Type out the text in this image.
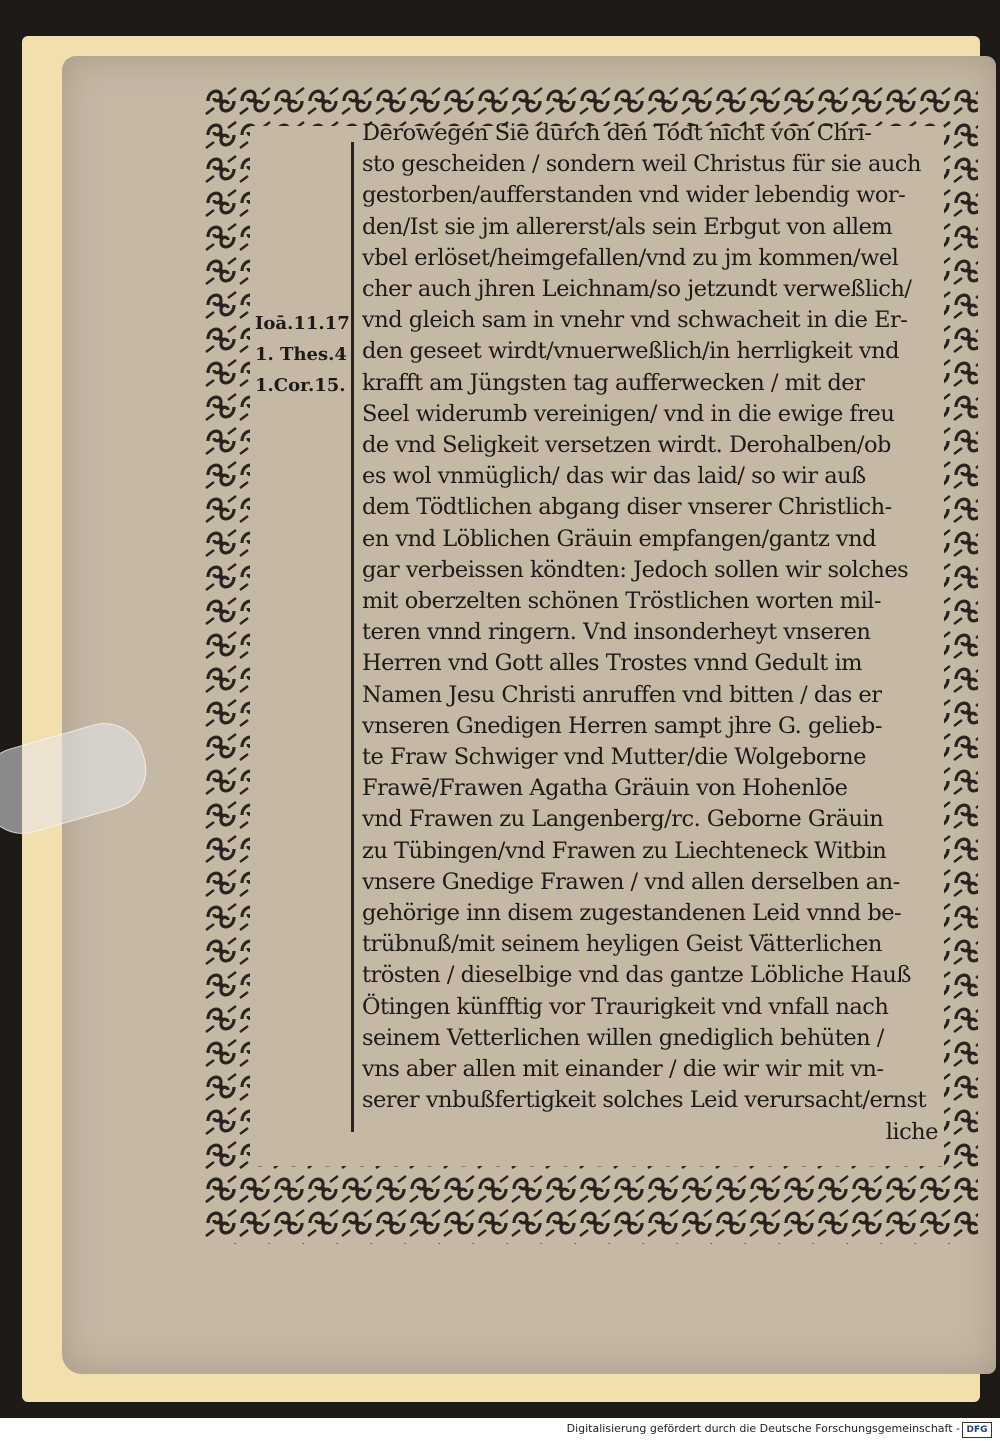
Ioā.11.17
1. Thes.4
1.Cor.15.
Derowegen Sie durch den Todt nicht von Chri-
sto gescheiden / sondern weil Christus für sie auch
gestorben/aufferstanden vnd wider lebendig wor-
den/Ist sie jm allererst/als sein Erbgut von allem
vbel erlöset/heimgefallen/vnd zu jm kommen/wel
cher auch jhren Leichnam/so jetzundt verweßlich/
vnd gleich sam in vnehr vnd schwacheit in die Er-
den geseet wirdt/vnuerweßlich/in herrligkeit vnd
krafft am Jüngsten tag aufferwecken / mit der
Seel widerumb vereinigen/ vnd in die ewige freu
de vnd Seligkeit versetzen wirdt. Derohalben/ob
es wol vnmüglich/ das wir das laid/ so wir auß
dem Tödtlichen abgang diser vnserer Christlich-
en vnd Löblichen Gräuin empfangen/gantz vnd
gar verbeissen köndten: Jedoch sollen wir solches
mit oberzelten schönen Tröstlichen worten mil-
teren vnnd ringern. Vnd insonderheyt vnseren
Herren vnd Gott alles Trostes vnnd Gedult im
Namen Jesu Christi anruffen vnd bitten / das er
vnseren Gnedigen Herren sampt jhre G. gelieb-
te Fraw Schwiger vnd Mutter/die Wolgeborne
Frawē/Frawen Agatha Gräuin von Hohenlōe
vnd Frawen zu Langenberg/rc. Geborne Gräuin
zu Tübingen/vnd Frawen zu Liechteneck Witbin
vnsere Gnedige Frawen / vnd allen derselben an-
gehörige inn disem zugestandenen Leid vnnd be-
trübnuß/mit seinem heyligen Geist Vätterlichen
trösten / dieselbige vnd das gantze Löbliche Hauß
Ötingen künfftig vor Traurigkeit vnd vnfall nach
seinem Vetterlichen willen gnediglich behüten /
vns aber allen mit einander / die wir wir mit vn-
serer vnbußfertigkeit solches Leid verursacht/ernst
liche
Digitalisierung gefördert durch die Deutsche Forschungsgemeinschaft - DFG
